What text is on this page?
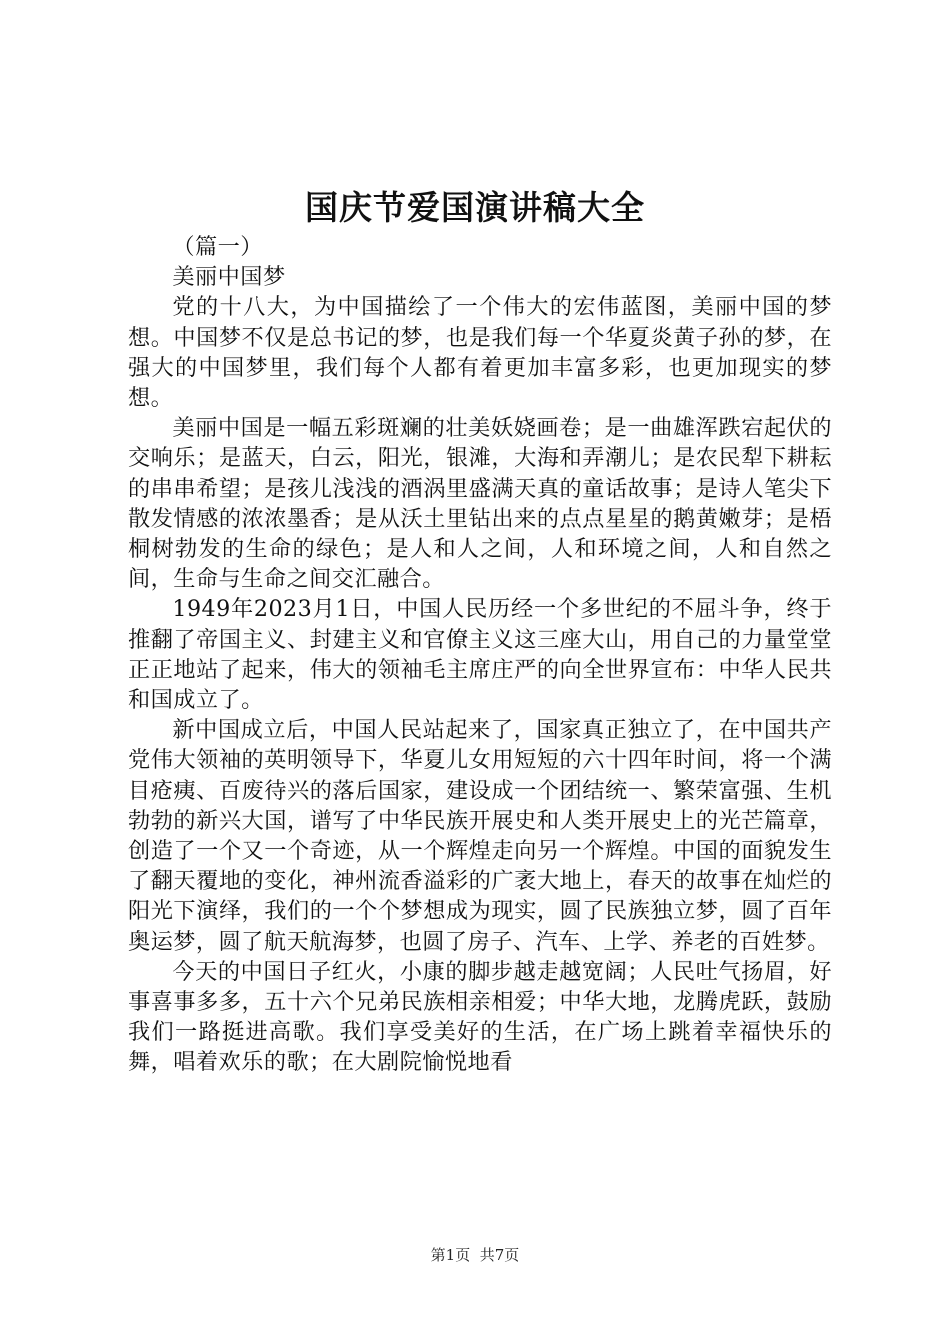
国庆节爱国演讲稿大全

（篇一）

美丽中国梦

党的十八大，为中国描绘了一个伟大的宏伟蓝图，美丽中国的梦想。中国梦不仅是总书记的梦，也是我们每一个华夏炎黄子孙的梦，在强大的中国梦里，我们每个人都有着更加丰富多彩，也更加现实的梦想。

美丽中国是一幅五彩斑斓的壮美妖娆画卷；是一曲雄浑跌宕起伏的交响乐；是蓝天，白云，阳光，银滩，大海和弄潮儿；是农民犁下耕耘的串串希望；是孩儿浅浅的酒涡里盛满天真的童话故事；是诗人笔尖下散发情感的浓浓墨香；是从沃土里钻出来的点点星星的鹅黄嫩芽；是梧桐树勃发的生命的绿色；是人和人之间，人和环境之间，人和自然之间，生命与生命之间交汇融合。

1949年2023月1日，中国人民历经一个多世纪的不屈斗争，终于推翻了帝国主义、封建主义和官僚主义这三座大山，用自己的力量堂堂正正地站了起来，伟大的领袖毛主席庄严的向全世界宣布：中华人民共和国成立了。

新中国成立后，中国人民站起来了，国家真正独立了，在中国共产党伟大领袖的英明领导下，华夏儿女用短短的六十四年时间，将一个满目疮痍、百废待兴的落后国家，建设成一个团结统一、繁荣富强、生机勃勃的新兴大国，谱写了中华民族开展史和人类开展史上的光芒篇章，创造了一个又一个奇迹，从一个辉煌走向另一个辉煌。中国的面貌发生了翻天覆地的变化，神州流香溢彩的广袤大地上，春天的故事在灿烂的阳光下演绎，我们的一个个梦想成为现实，圆了民族独立梦，圆了百年奥运梦，圆了航天航海梦，也圆了房子、汽车、上学、养老的百姓梦。

今天的中国日子红火，小康的脚步越走越宽阔；人民吐气扬眉，好事喜事多多，五十六个兄弟民族相亲相爱；中华大地，龙腾虎跃，鼓励我们一路挺进高歌。我们享受美好的生活，在广场上跳着幸福快乐的舞，唱着欢乐的歌；在大剧院愉悦地看

第1页 共7页
